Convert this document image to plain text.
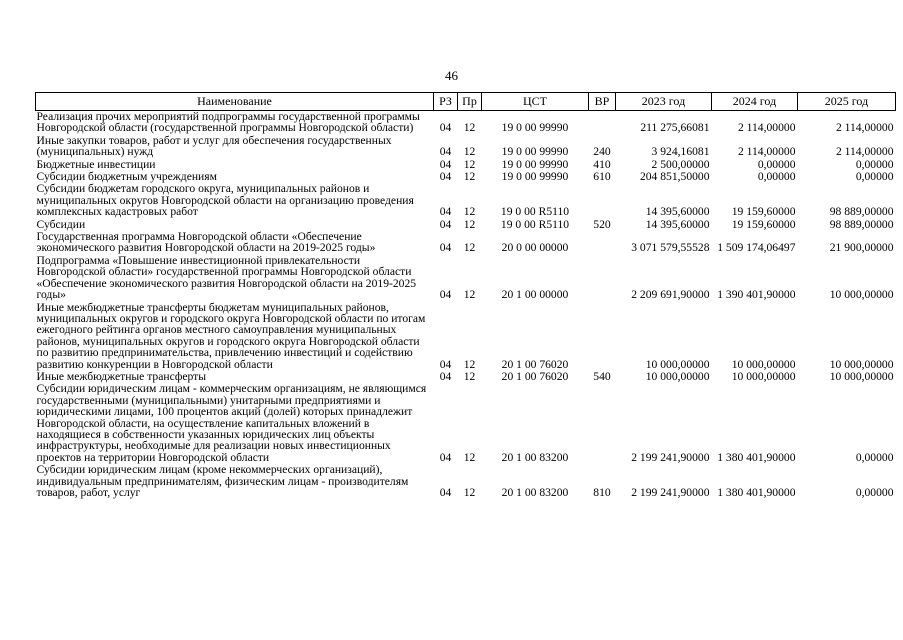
46
Наименование	РЗ	Пр	ЦСТ	ВР	2023 год	2024 год	2025 год
Реализация прочих мероприятий подпрограммы государственной программы Новгородской области (государственной программы Новгородской области)	04	12	19 0 00 99990		211 275,66081	2 114,00000	2 114,00000
Иные закупки товаров, работ и услуг для обеспечения государственных (муниципальных) нужд	04	12	19 0 00 99990	240	3 924,16081	2 114,00000	2 114,00000
Бюджетные инвестиции	04	12	19 0 00 99990	410	2 500,00000	0,00000	0,00000
Субсидии бюджетным учреждениям	04	12	19 0 00 99990	610	204 851,50000	0,00000	0,00000
Субсидии бюджетам городского округа, муниципальных районов и муниципальных округов Новгородской области на организацию проведения комплексных кадастровых работ	04	12	19 0 00 R5110		14 395,60000	19 159,60000	98 889,00000
Субсидии	04	12	19 0 00 R5110	520	14 395,60000	19 159,60000	98 889,00000
Государственная программа Новгородской области «Обеспечение экономического развития Новгородской области на 2019-2025 годы»	04	12	20 0 00 00000		3 071 579,55528	1 509 174,06497	21 900,00000
Подпрограмма «Повышение инвестиционной привлекательности Новгородской области» государственной программы Новгородской области «Обеспечение экономического развития Новгородской области на 2019-2025 годы»	04	12	20 1 00 00000		2 209 691,90000	1 390 401,90000	10 000,00000
Иные межбюджетные трансферты бюджетам муниципальных районов, муниципальных округов и городского округа Новгородской области по итогам ежегодного рейтинга органов местного самоуправления муниципальных районов, муниципальных округов и городского округа Новгородской области по развитию предпринимательства, привлечению инвестиций и содействию развитию конкуренции в Новгородской области	04	12	20 1 00 76020		10 000,00000	10 000,00000	10 000,00000
Иные межбюджетные трансферты	04	12	20 1 00 76020	540	10 000,00000	10 000,00000	10 000,00000
Субсидии юридическим лицам - коммерческим организациям, не являющимся государственными (муниципальными) унитарными предприятиями и юридическими лицами, 100 процентов акций (долей) которых принадлежит Новгородской области, на осуществление капитальных вложений в находящиеся в собственности указанных юридических лиц объекты инфраструктуры, необходимые для реализации новых инвестиционных проектов на территории Новгородской области	04	12	20 1 00 83200		2 199 241,90000	1 380 401,90000	0,00000
Субсидии юридическим лицам (кроме некоммерческих организаций), индивидуальным предпринимателям, физическим лицам - производителям товаров, работ, услуг	04	12	20 1 00 83200	810	2 199 241,90000	1 380 401,90000	0,00000
